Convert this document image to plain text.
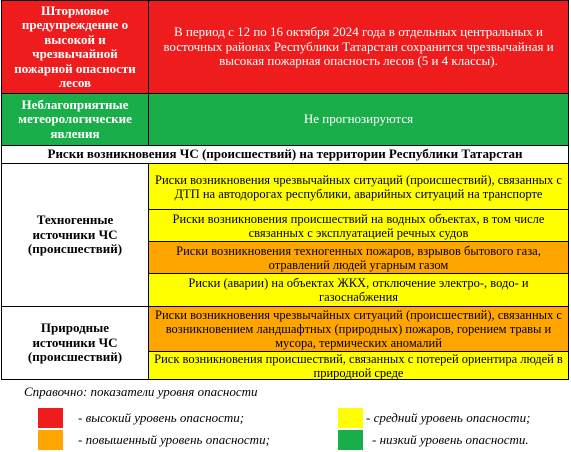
Штормовое предупреждение о высокой и чрезвычайной пожарной опасности лесов
В период с 12 по 16 октября 2024 года в отдельных центральных и восточных районах Республики Татарстан сохранится чрезвычайная и высокая пожарная опасность лесов (5 и 4 классы).
Неблагоприятные метеорологические явления
Не прогнозируются
Риски возникновения ЧС (происшествий) на территории Республики Татарстан
Техногенные источники ЧС (происшествий)
Риски возникновения чрезвычайных ситуаций (происшествий), связанных с ДТП на автодорогах республики, аварийных ситуаций на транспорте
Риски возникновения происшествий на водных объектах, в том числе связанных с эксплуатацией речных судов
Риски возникновения техногенных пожаров, взрывов бытового газа, отравлений людей угарным газом
Риски (аварии) на объектах ЖКХ, отключение электро-, водо- и газоснабжения
Природные источники ЧС (происшествий)
Риски возникновения чрезвычайных ситуаций (происшествий), связанных с возникновением ландшафтных (природных) пожаров, горением травы и мусора, термических аномалий
Риск возникновения происшествий, связанных с потерей ориентира людей в природной среде
Справочно: показатели уровня опасности
- высокий уровень опасности;	- средний уровень опасности;
- повышенный уровень опасности;	- низкий уровень опасности.
